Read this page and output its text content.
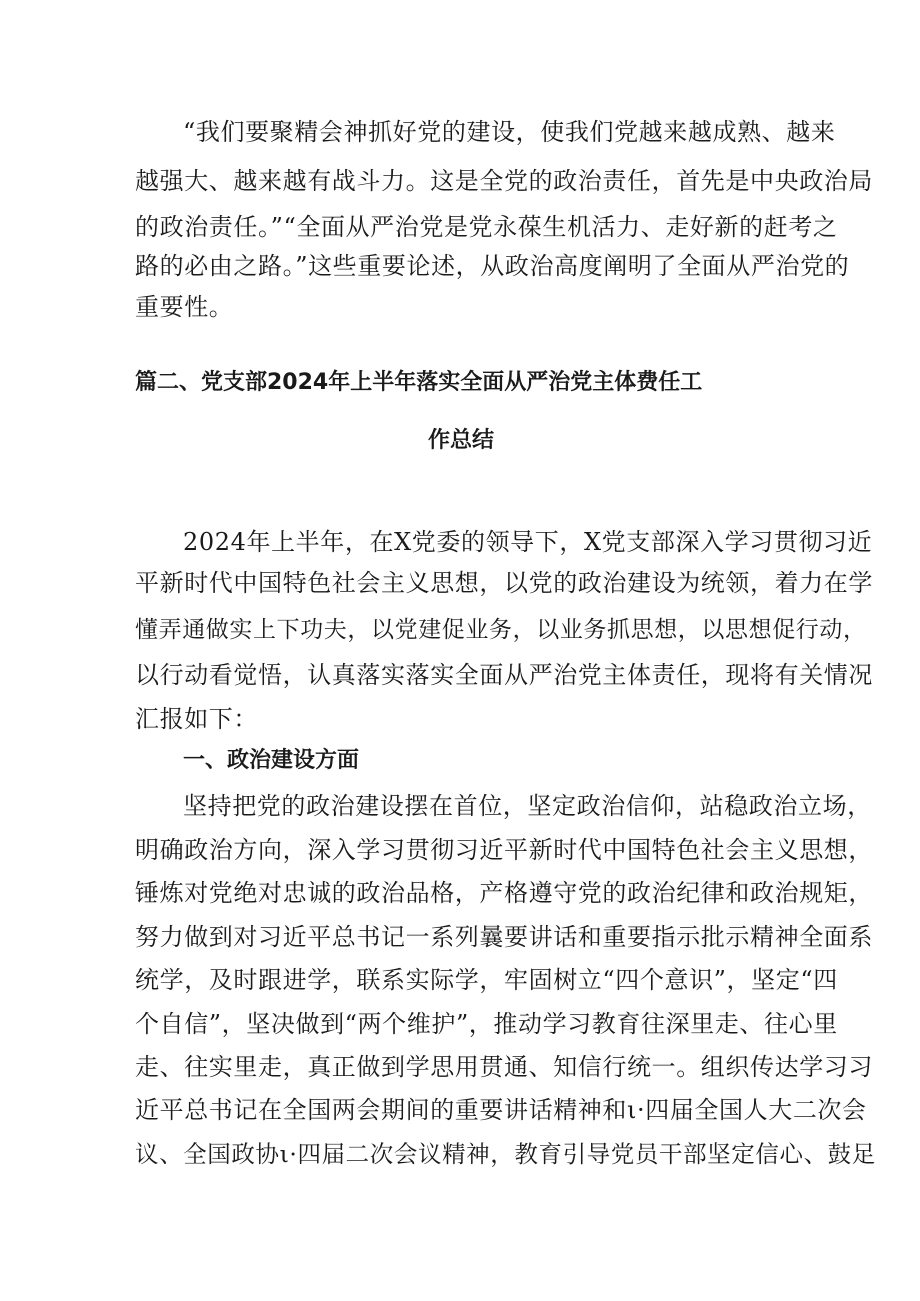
“我们要聚精会神抓好党的建设，使我们党越来越成熟、越来
越强大、越来越有战斗力。这是全党的政治责任，首先是中央政治局
的政治责任。”“全面从严治党是党永葆生机活力、走好新的赶考之
路的必由之路。”这些重要论述，从政治高度阐明了全面从严治党的
重要性。
篇二、党支部2024年上半年落实全面从严治党主体费任工
作总结
2024年上半年，在X党委的领导下，X党支部深入学习贯彻习近
平新时代中国特色社会主义思想，以党的政治建设为统领，着力在学
懂弄通做实上下功夫，以党建促业务，以业务抓思想，以思想促行动，
以行动看觉悟，认真落实落实全面从严治党主体责任，现将有关情况
汇报如下：
一、政治建设方面
坚持把党的政治建设摆在首位，坚定政治信仰，站稳政治立场，
明确政治方向，深入学习贯彻习近平新时代中国特色社会主义思想，
锤炼对党绝对忠诚的政治品格，产格遵守党的政治纪律和政治规矩，
努力做到对习近平总书记一系列曩要讲话和重要指示批示精神全面系
统学，及时跟进学，联系实际学，牢固树立“四个意识”，坚定“四
个自信”，坚决做到“两个维护”，推动学习教育往深里走、往心里
走、往实里走，真正做到学思用贯通、知信行统一。组织传达学习习
近平总书记在全国两会期间的重要讲话精神和ι·四届全国人大二次会
议、全国政协ι·四届二次会议精神，教育引导党员干部坚定信心、鼓足
